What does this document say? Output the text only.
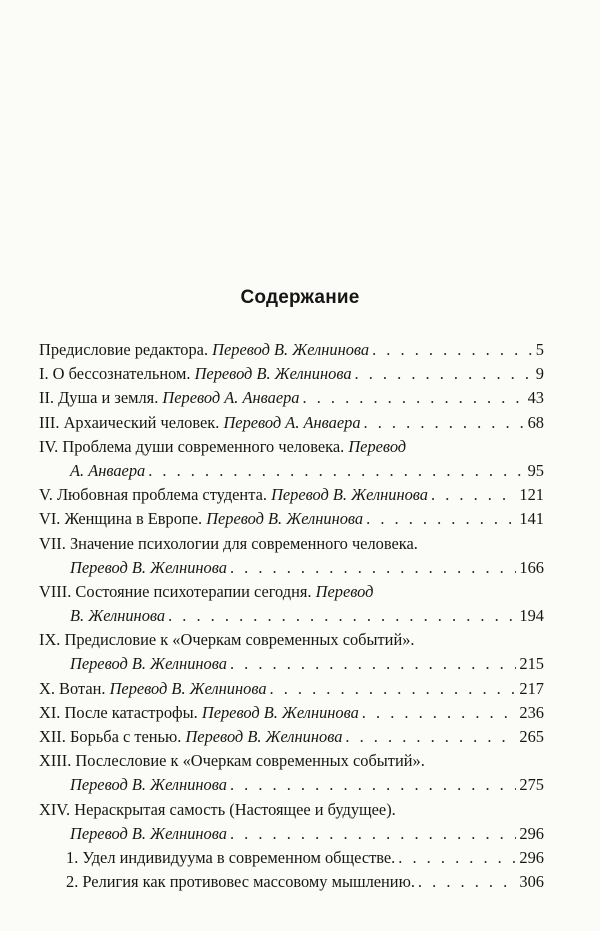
Содержание
Предисловие редактора. Перевод В. Желнинова . . .	5
I. О бессознательном. Перевод В. Желнинова . . .	9
II. Душа и земля. Перевод А. Анваера . . .	43
III. Архаический человек. Перевод А. Анваера . . .	68
IV. Проблема души современного человека. Перевод
А. Анваера . . .	95
V. Любовная проблема студента. Перевод В. Желнинова . . .	121
VI. Женщина в Европе. Перевод В. Желнинова . . .	141
VII. Значение психологии для современного человека.
Перевод В. Желнинова . . .	166
VIII. Состояние психотерапии сегодня. Перевод
В. Желнинова . . .	194
IX. Предисловие к «Очеркам современных событий».
Перевод В. Желнинова . . .	215
X. Вотан. Перевод В. Желнинова . . .	217
XI. После катастрофы. Перевод В. Желнинова . . .	236
XII. Борьба с тенью. Перевод В. Желнинова . . .	265
XIII. Послесловие к «Очеркам современных событий».
Перевод В. Желнинова . . .	275
XIV. Нераскрытая самость (Настоящее и будущее).
Перевод В. Желнинова . . .	296
1. Удел индивидуума в современном обществе. . . .	296
2. Религия как противовес массовому мышлению. . . .	306
